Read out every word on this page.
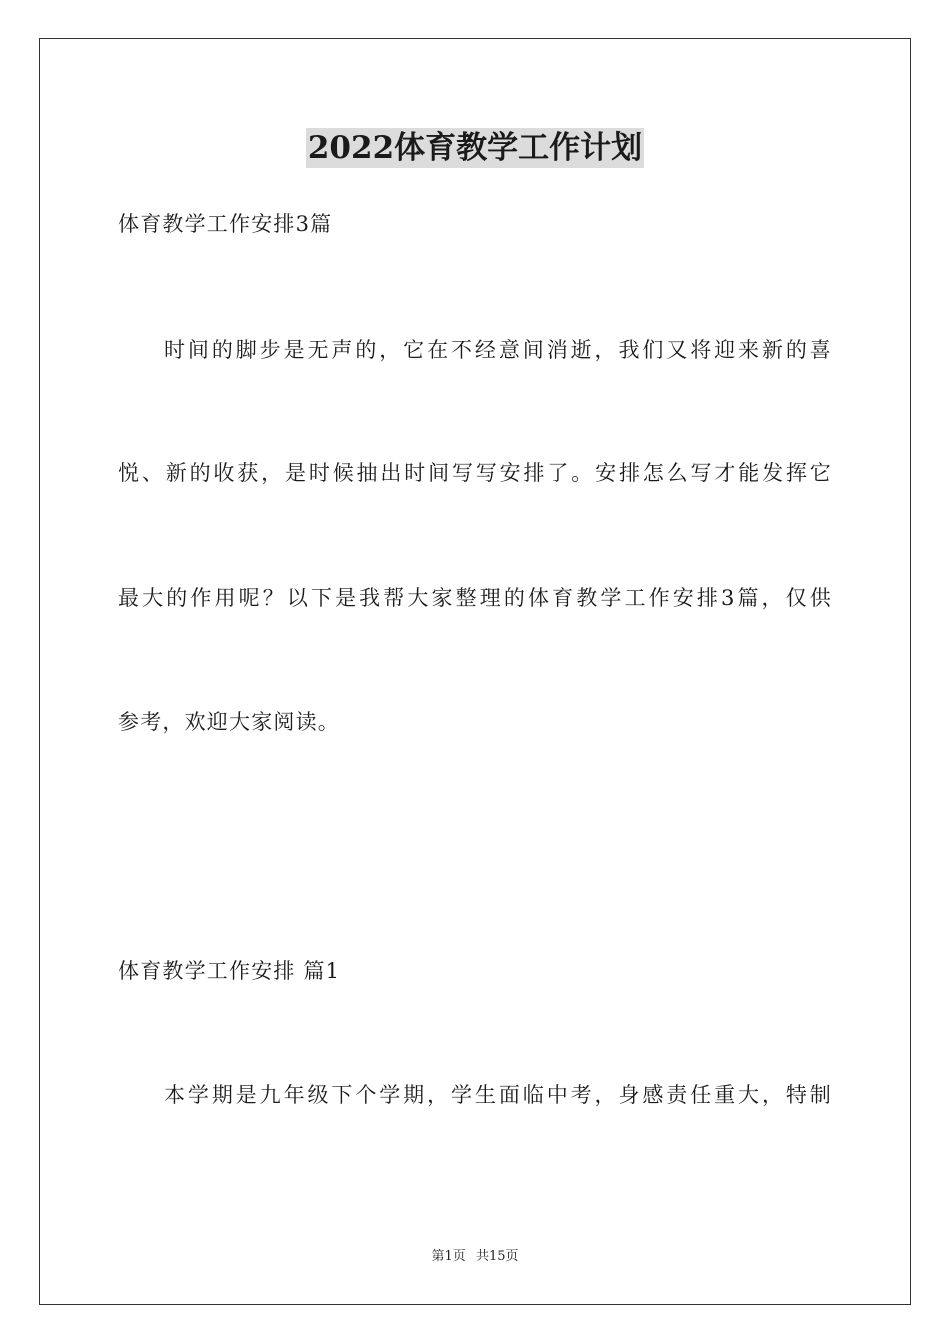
2022体育教学工作计划
体育教学工作安排3篇
时间的脚步是无声的，它在不经意间消逝，我们又将迎来新的喜
悦、新的收获，是时候抽出时间写写安排了。安排怎么写才能发挥它
最大的作用呢？以下是我帮大家整理的体育教学工作安排3篇，仅供
参考，欢迎大家阅读。
体育教学工作安排 篇1
本学期是九年级下个学期，学生面临中考，身感责任重大，特制
第1页 共15页
